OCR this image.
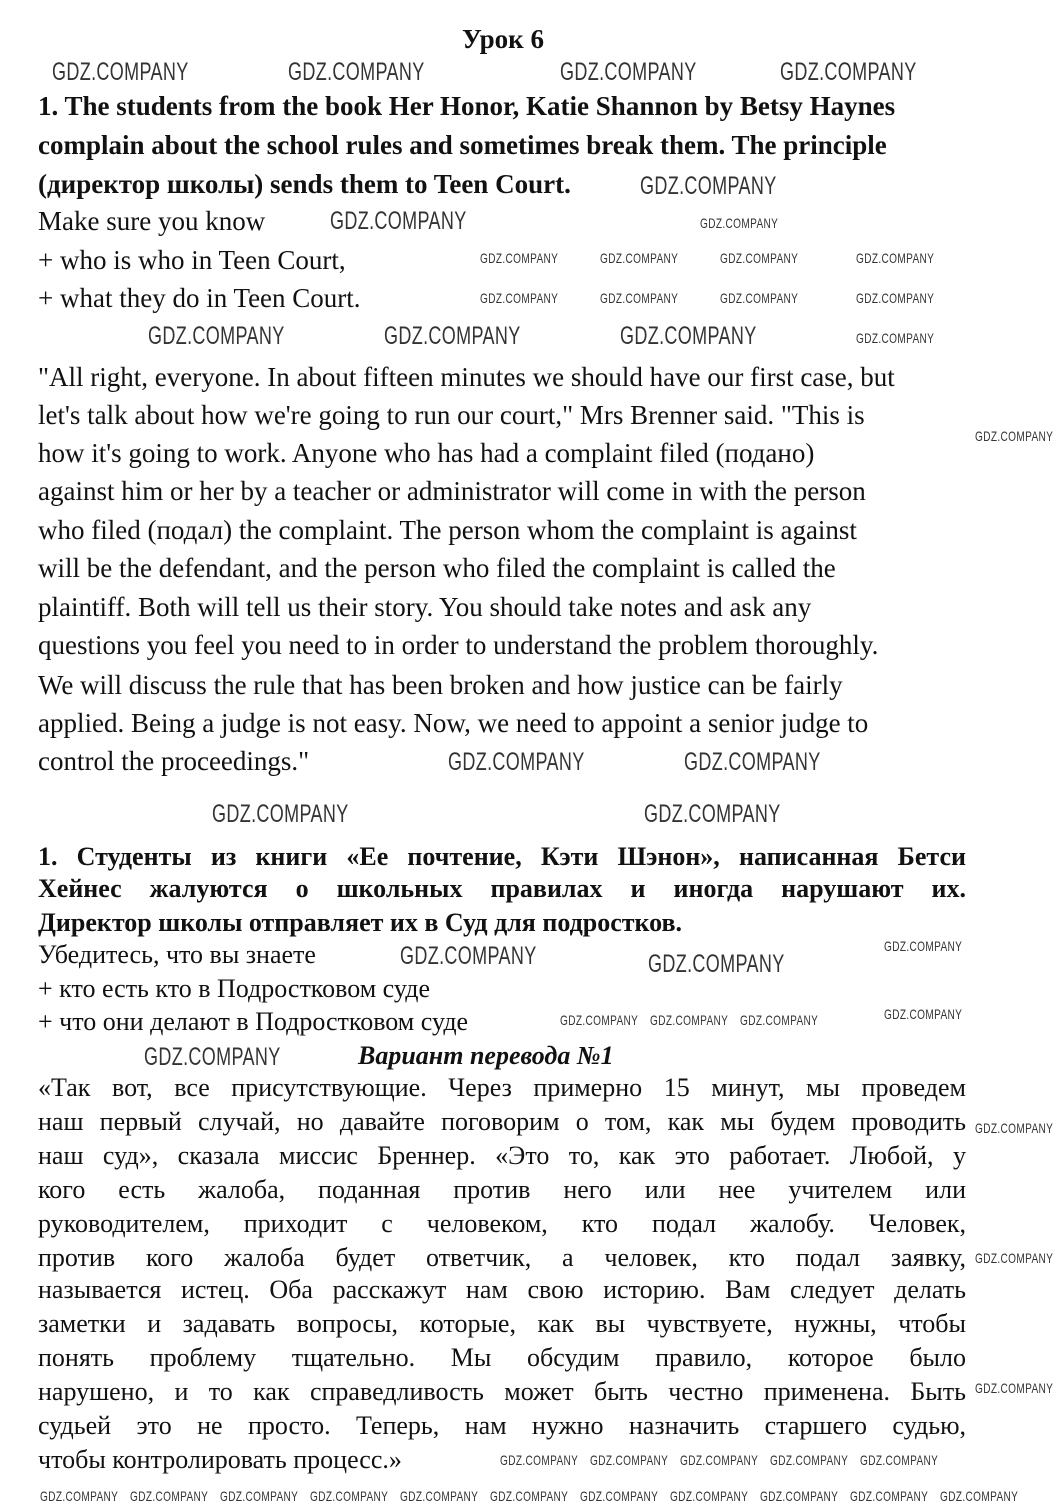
Урок 6
1. The students from the book Her Honor, Katie Shannon by Betsy Haynes
complain about the school rules and sometimes break them. The principle
(директор школы) sends them to Teen Court.
Make sure you know
+ who is who in Teen Court,
+ what they do in Teen Court.
"All right, everyone. In about fifteen minutes we should have our first case, but
let's talk about how we're going to run our court," Mrs Brenner said. "This is
how it's going to work. Anyone who has had a complaint filed (подано)
against him or her by a teacher or administrator will come in with the person
who filed (подал) the complaint. The person whom the complaint is against
will be the defendant, and the person who filed the complaint is called the
plaintiff. Both will tell us their story. You should take notes and ask any
questions you feel you need to in order to understand the problem thoroughly.
We will discuss the rule that has been broken and how justice can be fairly
applied. Being a judge is not easy. Now, we need to appoint a senior judge to
control the proceedings."
1. Студенты из книги «Ее почтение, Кэти Шэнон», написанная Бетси
Хейнес жалуются о школьных правилах и иногда нарушают их.
Директор школы отправляет их в Суд для подростков.
Убедитесь, что вы знаете
+ кто есть кто в Подростковом суде
+ что они делают в Подростковом суде
Вариант перевода №1
«Так вот, все присутствующие. Через примерно 15 минут, мы проведем
наш первый случай, но давайте поговорим о том, как мы будем проводить
наш суд», сказала миссис Бреннер. «Это то, как это работает. Любой, у
кого есть жалоба, поданная против него или нее учителем или
руководителем, приходит с человеком, кто подал жалобу. Человек,
против кого жалоба будет ответчик, а человек, кто подал заявку,
называется истец. Оба расскажут нам свою историю. Вам следует делать
заметки и задавать вопросы, которые, как вы чувствуете, нужны, чтобы
понять проблему тщательно. Мы обсудим правило, которое было
нарушено, и то как справедливость может быть честно применена. Быть
судьей это не просто. Теперь, нам нужно назначить старшего судью,
чтобы контролировать процесс.»
GDZ.COMPANY	GDZ.COMPANY	GDZ.COMPANY	GDZ.COMPANY
GDZ.COMPANY
GDZ.COMPANY
GDZ.COMPANY
GDZ.COMPANY
GDZ.COMPANY	GDZ.COMPANY	GDZ.COMPANY	GDZ.COMPANY
GDZ.COMPANY
GDZ.COMPANY
GDZ.COMPANY	GDZ.COMPANY	GDZ.COMPANY
GDZ.COMPANY	GDZ.COMPANY	GDZ.COMPANY	GDZ.COMPANY
GDZ.COMPANY	GDZ.COMPANY
GDZ.COMPANY
GDZ.COMPANY	GDZ.COMPANY
GDZ.COMPANY
GDZ.COMPANY
GDZ.COMPANY
GDZ.COMPANY GDZ.COMPANY GDZ.COMPANY
GDZ.COMPANY
GDZ.COMPANY
GDZ.COMPANY
GDZ.COMPANY GDZ.COMPANY GDZ.COMPANY GDZ.COMPANY GDZ.COMPANY
GDZ.COMPANY GDZ.COMPANY GDZ.COMPANY GDZ.COMPANY GDZ.COMPANY GDZ.COMPANY GDZ.COMPANY GDZ.COMPANY GDZ.COMPANY GDZ.COMPANY GDZ.COMPANY
